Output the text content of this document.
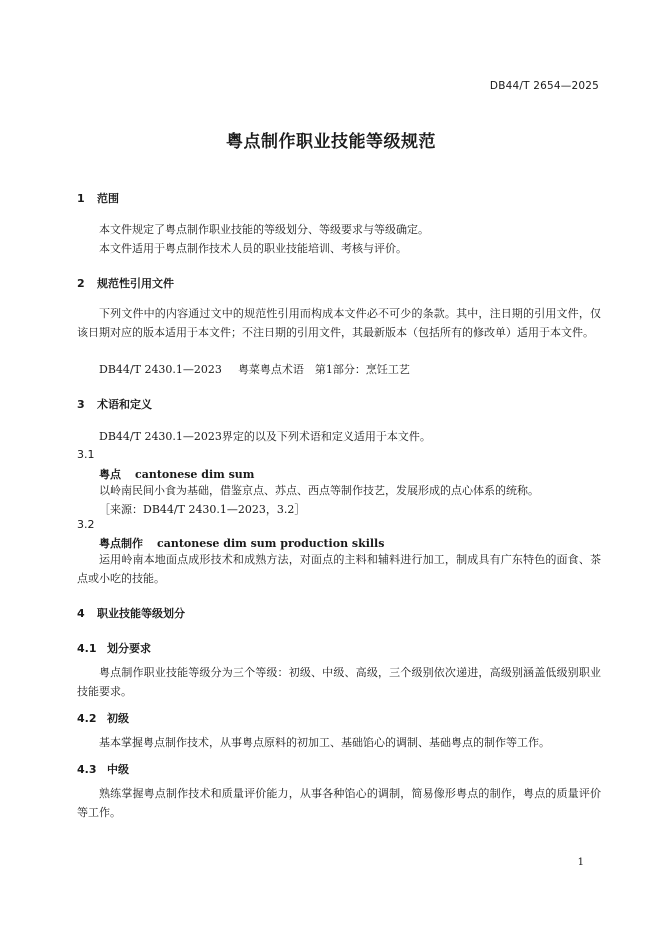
DB44/T 2654—2025
粤点制作职业技能等级规范
1 范围

本文件规定了粤点制作职业技能的等级划分、等级要求与等级确定。

本文件适用于粤点制作技术人员的职业技能培训、考核与评价。

2 规范性引用文件

下列文件中的内容通过文中的规范性引用而构成本文件必不可少的条款。其中，注日期的引用文件，仅该日期对应的版本适用于本文件；不注日期的引用文件，其最新版本（包括所有的修改单）适用于本文件。

DB44/T 2430.1—2023 粤菜粤点术语　第1部分：烹饪工艺
3 术语和定义

DB44/T 2430.1—2023界定的以及下列术语和定义适用于本文件。

3.1
粤点 cantonese dim sum

以岭南民间小食为基础，借鉴京点、苏点、西点等制作技艺，发展形成的点心体系的统称。

［来源：DB44/T 2430.1—2023，3.2］
3.2
粤点制作 cantonese dim sum production skills

运用岭南本地面点成形技术和成熟方法，对面点的主料和辅料进行加工，制成具有广东特色的面食、茶点或小吃的技能。

4 职业技能等级划分
4.1 划分要求

粤点制作职业技能等级分为三个等级：初级、中级、高级，三个级别依次递进，高级别涵盖低级别职业技能要求。

4.2 初级

基本掌握粤点制作技术，从事粤点原料的初加工、基础馅心的调制、基础粤点的制作等工作。

4.3 中级

熟练掌握粤点制作技术和质量评价能力，从事各种馅心的调制，简易像形粤点的制作，粤点的质量评价等工作。

1
